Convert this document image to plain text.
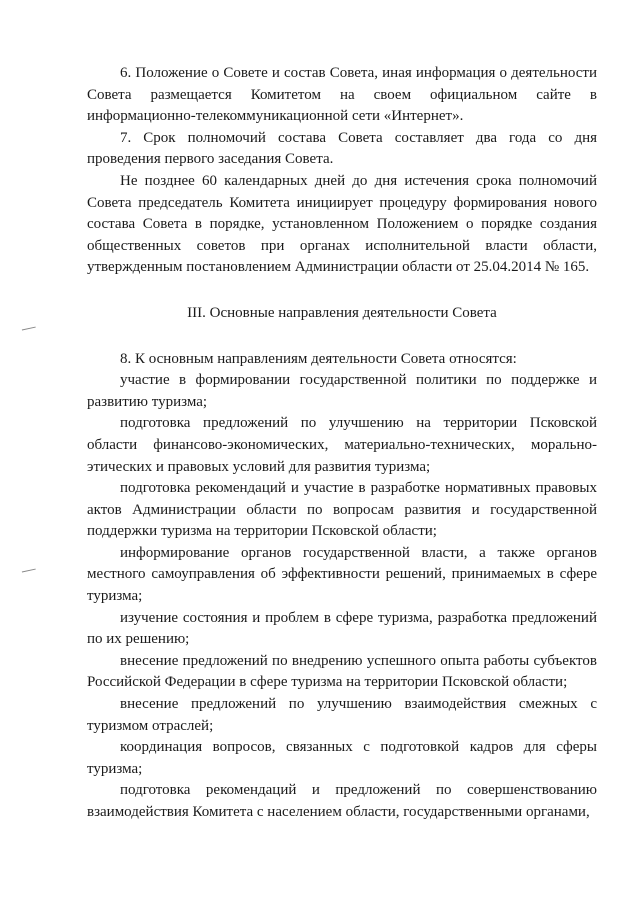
6. Положение о Совете и состав Совета, иная информация о деятельности Совета размещается Комитетом на своем официальном сайте в информационно-телекоммуникационной сети «Интернет».

7. Срок полномочий состава Совета составляет два года со дня проведения первого заседания Совета.

Не позднее 60 календарных дней до дня истечения срока полномочий Совета председатель Комитета инициирует процедуру формирования нового состава Совета в порядке, установленном Положением о порядке создания общественных советов при органах исполнительной власти области, утвержденным постановлением Администрации области от 25.04.2014 № 165.

III. Основные направления деятельности Совета

8. К основным направлениям деятельности Совета относятся:

участие в формировании государственной политики по поддержке и развитию туризма;

подготовка предложений по улучшению на территории Псковской области финансово-экономических, материально-технических, морально-этических и правовых условий для развития туризма;

подготовка рекомендаций и участие в разработке нормативных правовых актов Администрации области по вопросам развития и государственной поддержки туризма на территории Псковской области;

информирование органов государственной власти, а также органов местного самоуправления об эффективности решений, принимаемых в сфере туризма;

изучение состояния и проблем в сфере туризма, разработка предложений по их решению;

внесение предложений по внедрению успешного опыта работы субъектов Российской Федерации в сфере туризма на территории Псковской области;

внесение предложений по улучшению взаимодействия смежных с туризмом отраслей;

координация вопросов, связанных с подготовкой кадров для сферы туризма;

подготовка рекомендаций и предложений по совершенствованию взаимодействия Комитета с населением области, государственными органами,
